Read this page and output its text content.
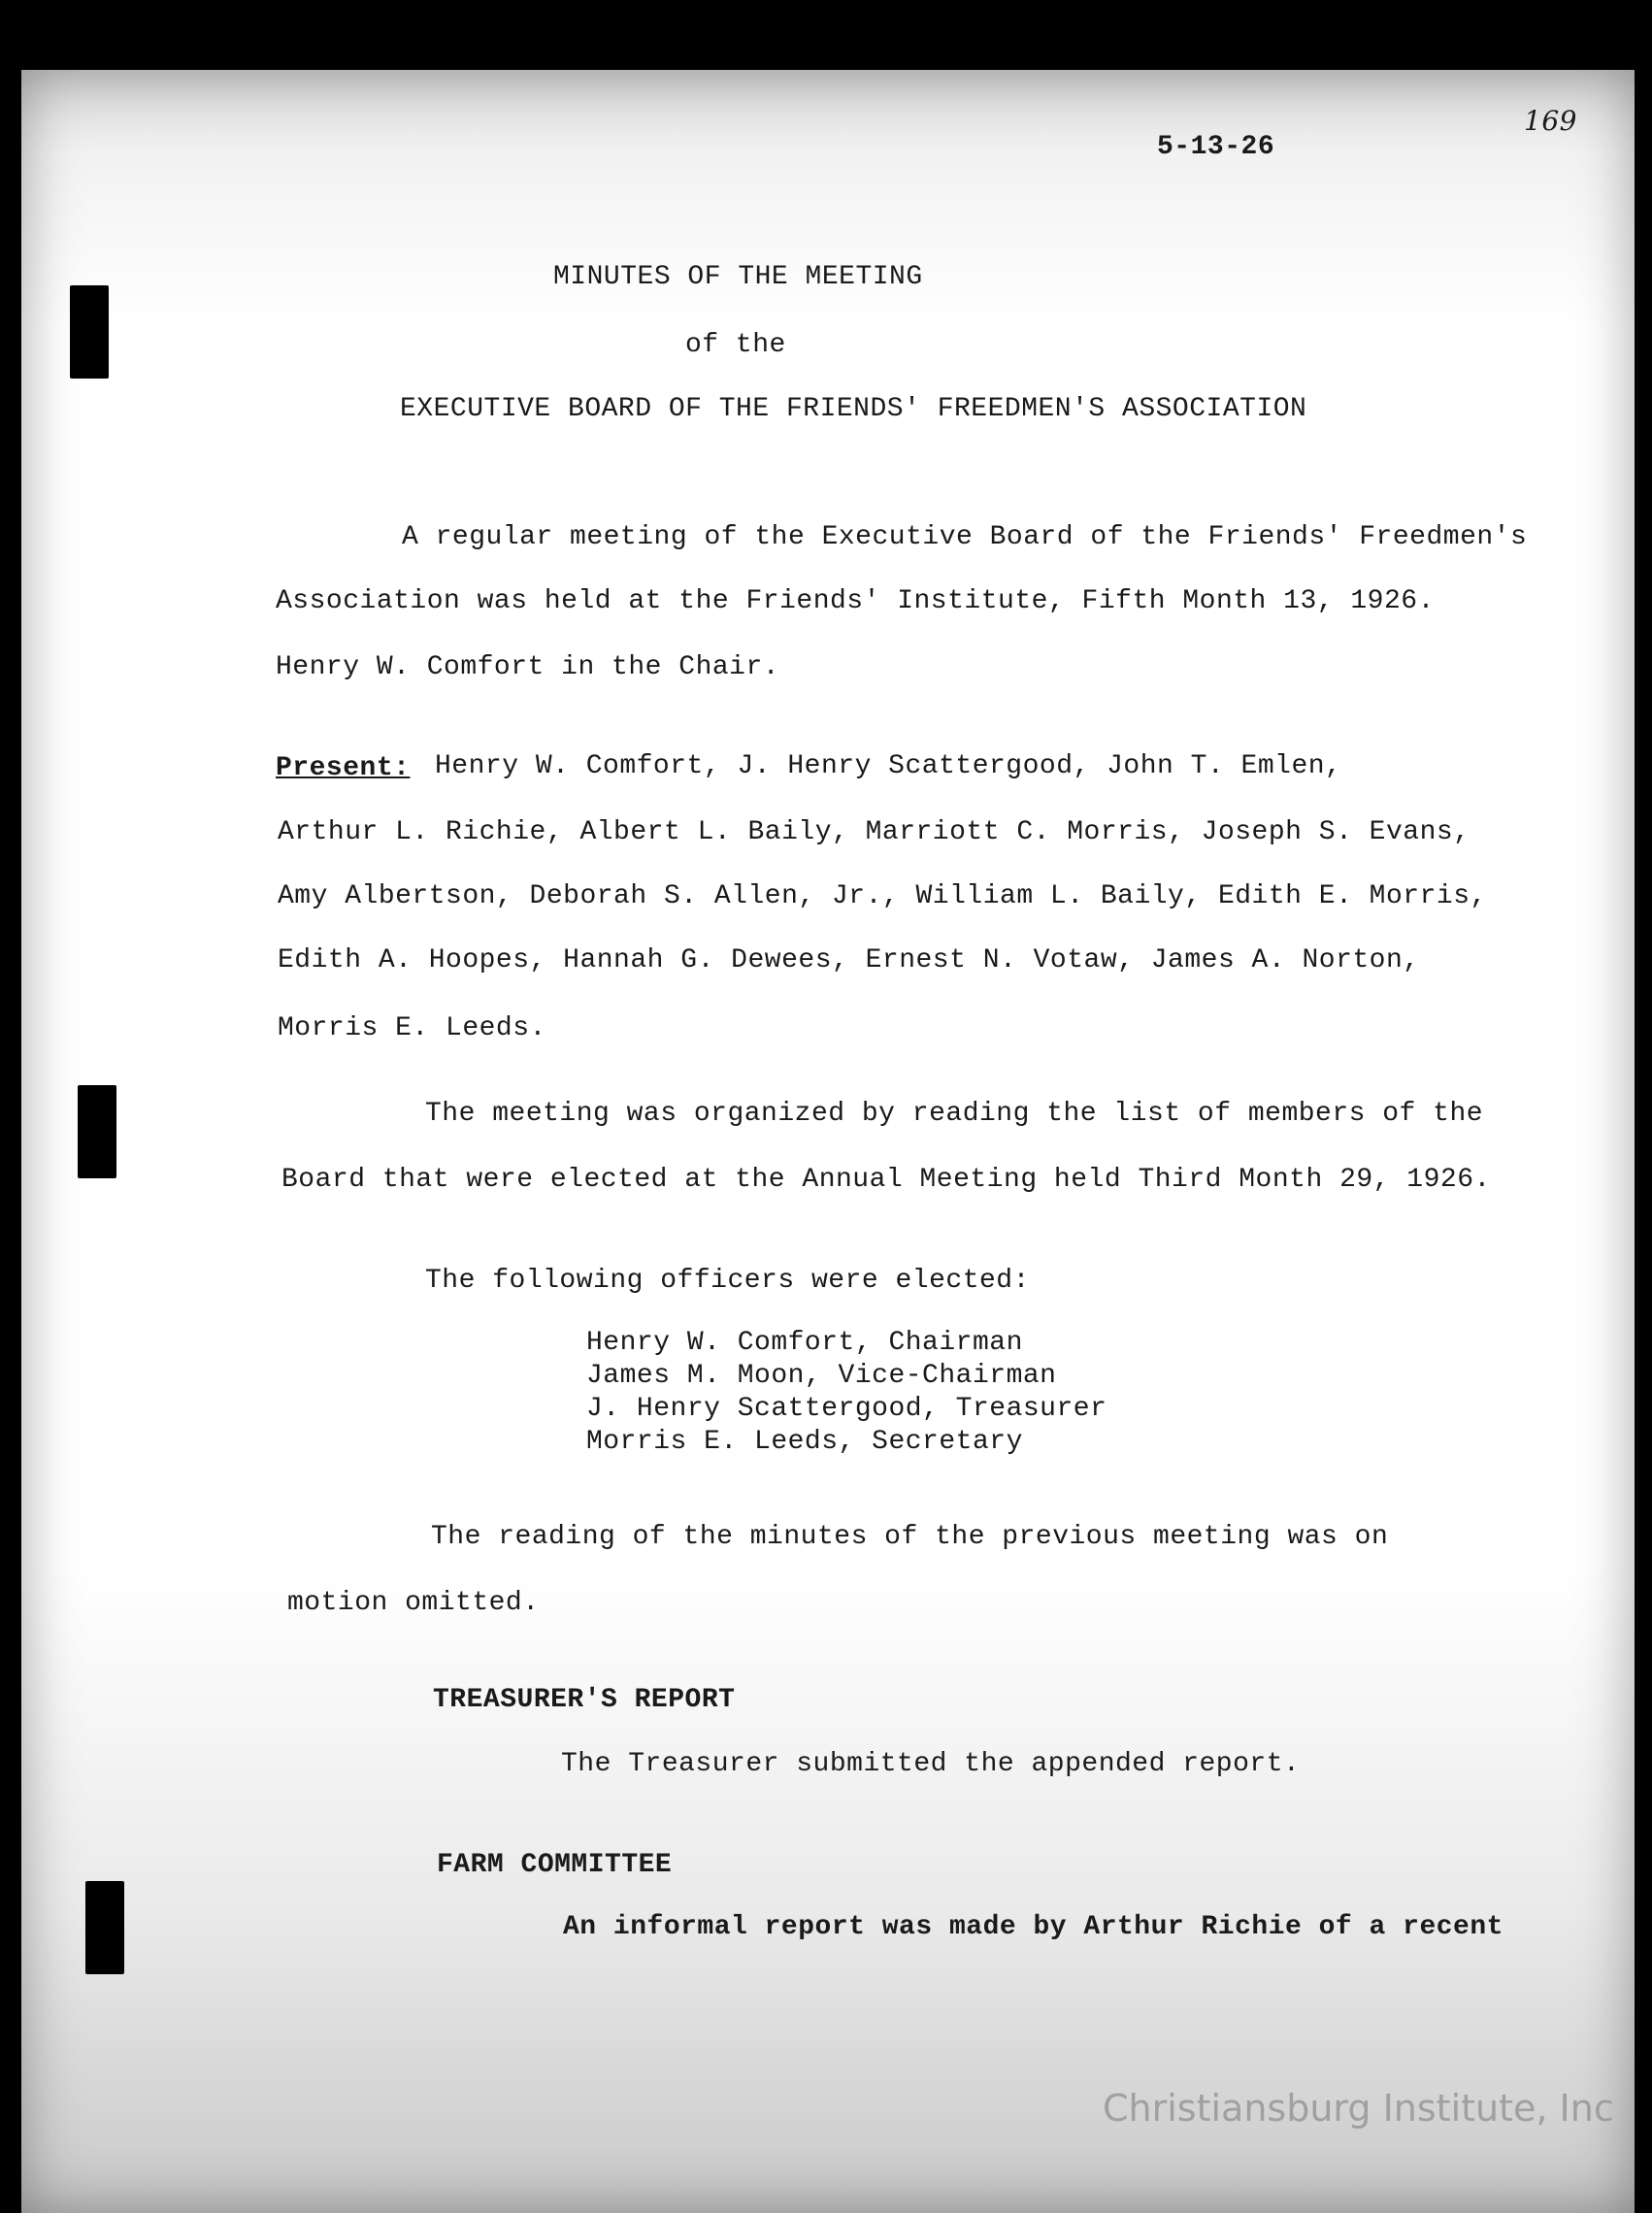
169
5-13-26
MINUTES OF THE MEETING
of the
EXECUTIVE BOARD OF THE FRIENDS' FREEDMEN'S ASSOCIATION
A regular meeting of the Executive Board of the Friends' Freedmen's
Association was held at the Friends' Institute, Fifth Month 13, 1926.
Henry W. Comfort in the Chair.
Present: Henry W. Comfort, J. Henry Scattergood, John T. Emlen,
Arthur L. Richie, Albert L. Baily, Marriott C. Morris, Joseph S. Evans,
Amy Albertson, Deborah S. Allen, Jr., William L. Baily, Edith E. Morris,
Edith A. Hoopes, Hannah G. Dewees, Ernest N. Votaw, James A. Norton,
Morris E. Leeds.
The meeting was organized by reading the list of members of the
Board that were elected at the Annual Meeting held Third Month 29, 1926.
The following officers were elected:
Henry W. Comfort, Chairman
James M. Moon, Vice-Chairman
J. Henry Scattergood, Treasurer
Morris E. Leeds, Secretary
The reading of the minutes of the previous meeting was on
motion omitted.
TREASURER'S REPORT
The Treasurer submitted the appended report.
FARM COMMITTEE
An informal report was made by Arthur Richie of a recent
Christiansburg Institute, Inc
